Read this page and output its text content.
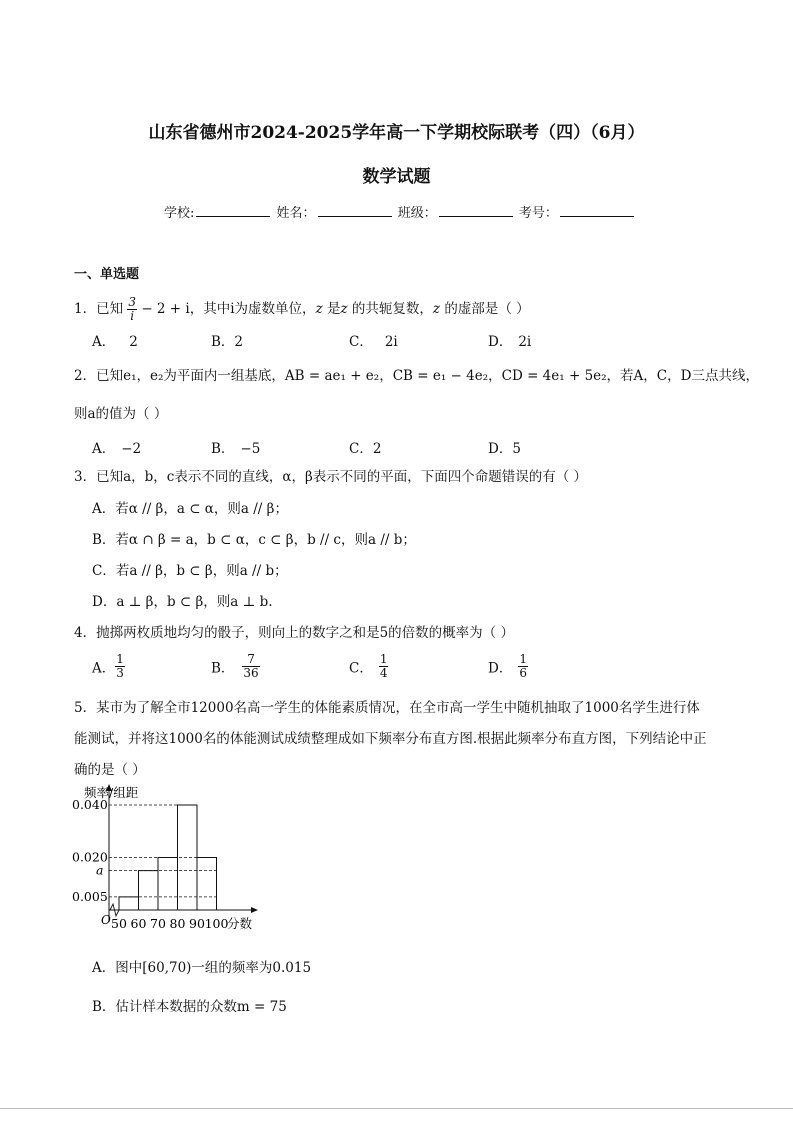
山东省德州市2024-2025学年高一下学期校际联考（四）（6月）
数学试题
学校:	姓名：	班级：	考号：
一、单选题
1．已知 $\frac{3}{i} - 2 + i$，其中i为虚数单位，z 是z 的共轭复数，z 的虚部是（ ）
A． 2	B．2	C． 2i	D． 2i
2．已知e₁，e₂为平面内一组基底，AB = ae₁ + e₂，CB = e₁ − 4e₂，CD = 4e₁ + 5e₂，若A，C，D三点共线，
则a的值为（ ）
A． −2	B． −5	C．2	D．5
3．已知a，b，c表示不同的直线，α，β表示不同的平面，下面四个命题错误的有（ ）
A．若α // β，a ⊂ α，则a // β；
B．若α ∩ β = a，b ⊂ α，c ⊂ β，b // c，则a // b；
C．若a // β，b ⊂ β，则a // b；
D．a ⊥ β，b ⊂ β，则a ⊥ b.
4．抛掷两枚质地均匀的骰子，则向上的数字之和是5的倍数的概率为（ ）
A． $\frac{1}{3}$	B． $\frac{7}{36}$	C． $\frac{1}{4}$	D． $\frac{1}{6}$
5．某市为了解全市12000名高一学生的体能素质情况，在全市高一学生中随机抽取了1000名学生进行体
能测试，并将这1000名的体能测试成绩整理成如下频率分布直方图.根据此频率分布直方图，下列结论中正
确的是（ ）
O
频率/组距
分数
0.040
0.020
a
0.005
50 60 70 80 90 100
A．图中[60,70)一组的频率为0.015
B．估计样本数据的众数m = 75
